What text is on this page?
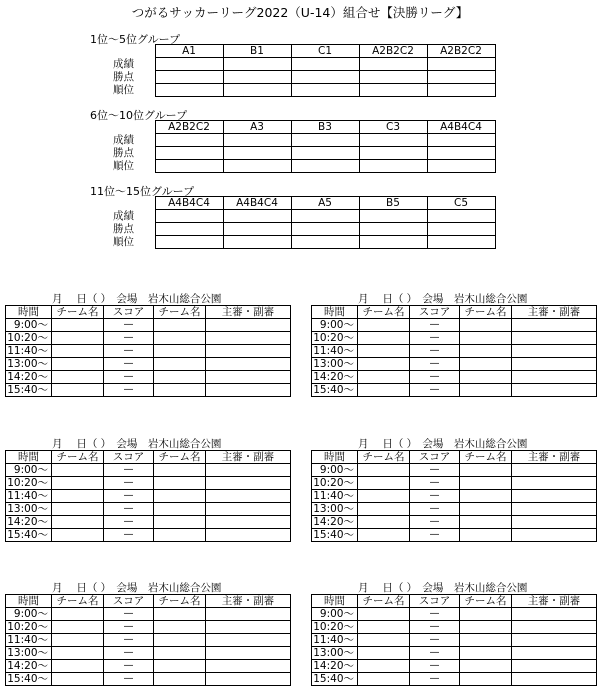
つがるサッカーリーグ2022（U-14）組合せ【決勝リーグ】
1位～5位グループ
	A1	B1	C1	A2B2C2	A2B2C2
成績					
勝点					
順位					
6位～10位グループ
	A2B2C2	A3	B3	C3	A4B4C4
成績					
勝点					
順位					
11位～15位グループ
	A4B4C4	A4B4C4	A5	B5	C5
成績					
勝点					
順位					
月　 日（ ）　会場　岩木山総合公園
時間	チーム名	スコア	チーム名	主審・副審
9:00～		—		
10:20～		—		
11:40～		—		
13:00～		—		
14:20～		—		
15:40～		—		
月　 日（ ）　会場　岩木山総合公園
時間	チーム名	スコア	チーム名	主審・副審
9:00～		—		
10:20～		—		
11:40～		—		
13:00～		—		
14:20～		—		
15:40～		—		
月　 日（ ）　会場　岩木山総合公園
時間	チーム名	スコア	チーム名	主審・副審
9:00～		—		
10:20～		—		
11:40～		—		
13:00～		—		
14:20～		—		
15:40～		—		
月　 日（ ）　会場　岩木山総合公園
時間	チーム名	スコア	チーム名	主審・副審
9:00～		—		
10:20～		—		
11:40～		—		
13:00～		—		
14:20～		—		
15:40～		—		
月　 日（ ）　会場　岩木山総合公園
時間	チーム名	スコア	チーム名	主審・副審
9:00～		—		
10:20～		—		
11:40～		—		
13:00～		—		
14:20～		—		
15:40～		—		
月　 日（ ）　会場　岩木山総合公園
時間	チーム名	スコア	チーム名	主審・副審
9:00～		—		
10:20～		—		
11:40～		—		
13:00～		—		
14:20～		—		
15:40～		—		
